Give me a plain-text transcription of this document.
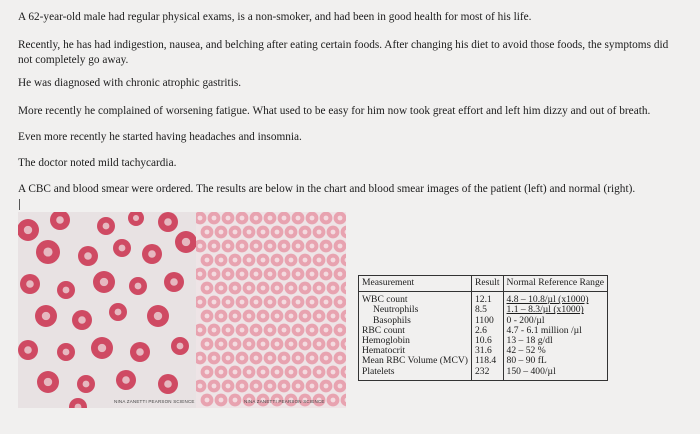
A 62-year-old male had regular physical exams, is a non-smoker, and had been in good health for most of his life.

Recently, he has had indigestion, nausea, and belching after eating certain foods. After changing his diet to avoid those foods, the symptoms did not completely go away.

He was diagnosed with chronic atrophic gastritis.

More recently he complained of worsening fatigue. What used to be easy for him now took great effort and left him dizzy and out of breath.

Even more recently he started having headaches and insomnia.

The doctor noted mild tachycardia.

A CBC and blood smear were ordered. The results are below in the chart and blood smear images of the patient (left) and normal (right).

NINA ZANETTI PEARSON SCIENCE	NINA ZANETTI PEARSON SCIENCE
Measurement	Result	Normal Reference Range
WBC count	12.1	4.8 – 10.8/µl (x1000)
Neutrophils	8.5	1.1 – 8.3/µl (x1000)
Basophils	1100	0 - 200/µl
RBC count	2.6	4.7 - 6.1 million /µl
Hemoglobin	10.6	13 – 18 g/dl
Hematocrit	31.6	42 – 52 %
Mean RBC Volume (MCV)	118.4	80 – 90 fL
Platelets	232	150 – 400/µl
